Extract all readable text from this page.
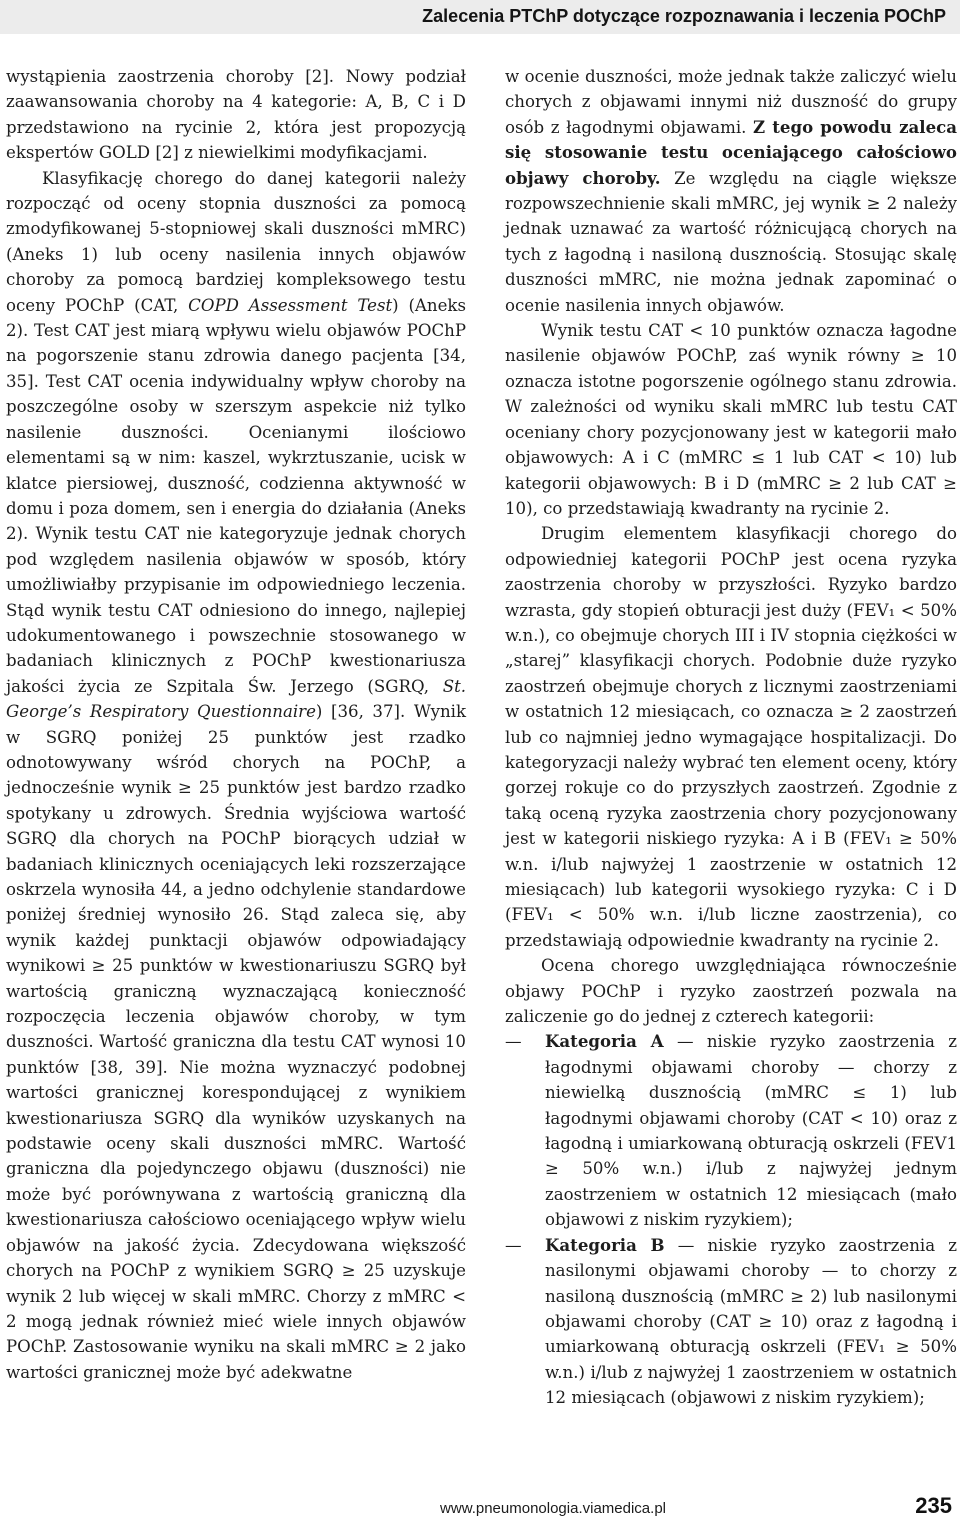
Zalecenia PTChP dotyczące rozpoznawania i leczenia POChP

wystąpienia zaostrzenia choroby [2]. Nowy podział zaawansowania choroby na 4 kategorie: A, B, C i D przedstawiono na rycinie 2, która jest propozycją ekspertów GOLD [2] z niewielkimi modyfikacjami.

Klasyfikację chorego do danej kategorii należy rozpocząć od oceny stopnia duszności za pomocą zmodyfikowanej 5-stopniowej skali duszności mMRC) (Aneks 1) lub oceny nasilenia innych objawów choroby za pomocą bardziej kompleksowego testu oceny POChP (CAT, COPD Assessment Test) (Aneks 2). Test CAT jest miarą wpływu wielu objawów POChP na pogorszenie stanu zdrowia danego pacjenta [34, 35]. Test CAT ocenia indywidualny wpływ choroby na poszczególne osoby w szerszym aspekcie niż tylko nasilenie duszności. Ocenianymi ilościowo elementami są w nim: kaszel, wykrztuszanie, ucisk w klatce piersiowej, duszność, codzienna aktywność w domu i poza domem, sen i energia do działania (Aneks 2). Wynik testu CAT nie kategoryzuje jednak chorych pod względem nasilenia objawów w sposób, który umożliwiałby przypisanie im odpowiedniego leczenia. Stąd wynik testu CAT odniesiono do innego, najlepiej udokumentowanego i powszechnie stosowanego w badaniach klinicznych z POChP kwestionariusza jakości życia ze Szpitala Św. Jerzego (SGRQ, St. George’s Respiratory Questionnaire) [36, 37]. Wynik w SGRQ poniżej 25 punktów jest rzadko odnotowywany wśród chorych na POChP, a jednocześnie wynik ≥ 25 punktów jest bardzo rzadko spotykany u zdrowych. Średnia wyjściowa wartość SGRQ dla chorych na POChP biorących udział w badaniach klinicznych oceniających leki rozszerzające oskrzela wynosiła 44, a jedno odchylenie standardowe poniżej średniej wynosiło 26. Stąd zaleca się, aby wynik każdej punktacji objawów odpowiadający wynikowi ≥ 25 punktów w kwestionariuszu SGRQ był wartością graniczną wyznaczającą konieczność rozpoczęcia leczenia objawów choroby, w tym duszności. Wartość graniczna dla testu CAT wynosi 10 punktów [38, 39]. Nie można wyznaczyć podobnej wartości granicznej korespondującej z wynikiem kwestionariusza SGRQ dla wyników uzyskanych na podstawie oceny skali duszności mMRC. Wartość graniczna dla pojedynczego objawu (duszności) nie może być porównywana z wartością graniczną dla kwestionariusza całościowo oceniającego wpływ wielu objawów na jakość życia. Zdecydowana większość chorych na POChP z wynikiem SGRQ ≥ 25 uzyskuje wynik 2 lub więcej w skali mMRC. Chorzy z mMRC < 2 mogą jednak również mieć wiele innych objawów POChP. Zastosowanie wyniku na skali mMRC ≥ 2 jako wartości granicznej może być adekwatne

w ocenie duszności, może jednak także zaliczyć wielu chorych z objawami innymi niż duszność do grupy osób z łagodnymi objawami. Z tego powodu zaleca się stosowanie testu oceniającego całościowo objawy choroby. Ze względu na ciągle większe rozpowszechnienie skali mMRC, jej wynik ≥ 2 należy jednak uznawać za wartość różnicującą chorych na tych z łagodną i nasiloną dusznością. Stosując skalę duszności mMRC, nie można jednak zapominać o ocenie nasilenia innych objawów.

Wynik testu CAT < 10 punktów oznacza łagodne nasilenie objawów POChP, zaś wynik równy ≥ 10 oznacza istotne pogorszenie ogólnego stanu zdrowia. W zależności od wyniku skali mMRC lub testu CAT oceniany chory pozycjonowany jest w kategorii mało objawowych: A i C (mMRC ≤ 1 lub CAT < 10) lub kategorii objawowych: B i D (mMRC ≥ 2 lub CAT ≥ 10), co przedstawiają kwadranty na rycinie 2.

Drugim elementem klasyfikacji chorego do odpowiedniej kategorii POChP jest ocena ryzyka zaostrzenia choroby w przyszłości. Ryzyko bardzo wzrasta, gdy stopień obturacji jest duży (FEV₁ < 50% w.n.), co obejmuje chorych III i IV stopnia ciężkości w „starej” klasyfikacji chorych. Podobnie duże ryzyko zaostrzeń obejmuje chorych z licznymi zaostrzeniami w ostatnich 12 miesiącach, co oznacza ≥ 2 zaostrzeń lub co najmniej jedno wymagające hospitalizacji. Do kategoryzacji należy wybrać ten element oceny, który gorzej rokuje co do przyszłych zaostrzeń. Zgodnie z taką oceną ryzyka zaostrzenia chory pozycjonowany jest w kategorii niskiego ryzyka: A i B (FEV₁ ≥ 50% w.n. i/lub najwyżej 1 zaostrzenie w ostatnich 12 miesiącach) lub kategorii wysokiego ryzyka: C i D (FEV₁ < 50% w.n. i/lub liczne zaostrzenia), co przedstawiają odpowiednie kwadranty na rycinie 2.

Ocena chorego uwzględniająca równocześnie objawy POChP i ryzyko zaostrzeń pozwala na zaliczenie go do jednej z czterech kategorii:

— Kategoria A — niskie ryzyko zaostrzenia z łagodnymi objawami choroby — chorzy z niewielką dusznością (mMRC ≤ 1) lub łagodnymi objawami choroby (CAT < 10) oraz z łagodną i umiarkowaną obturacją oskrzeli (FEV1 ≥ 50% w.n.) i/lub z najwyżej jednym zaostrzeniem w ostatnich 12 miesiącach (mało objawowi z niskim ryzykiem);

— Kategoria B — niskie ryzyko zaostrzenia z nasilonymi objawami choroby — to chorzy z nasiloną dusznością (mMRC ≥ 2) lub nasilonymi objawami choroby (CAT ≥ 10) oraz z łagodną i umiarkowaną obturacją oskrzeli (FEV₁ ≥ 50% w.n.) i/lub z najwyżej 1 zaostrzeniem w ostatnich 12 miesiącach (objawowi z niskim ryzykiem);

www.pneumonologia.viamedica.pl	235
